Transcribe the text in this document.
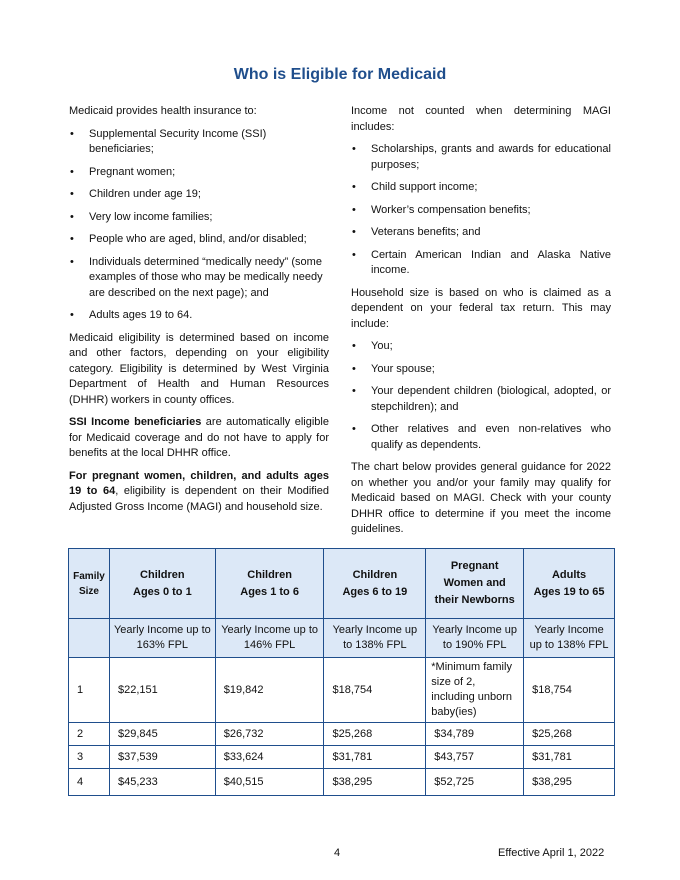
Who is Eligible for Medicaid

Medicaid provides health insurance to:

• Supplemental Security Income (SSI) beneficiaries;
• Pregnant women;
• Children under age 19;
• Very low income families;
• People who are aged, blind, and/or disabled;
• Individuals determined “medically needy” (some examples of those who may be medically needy are described on the next page); and
• Adults ages 19 to 64.

Medicaid eligibility is determined based on income and other factors, depending on your eligibility category. Eligibility is determined by West Virginia Department of Health and Human Resources (DHHR) workers in county offices.

SSI Income beneficiaries are automatically eligible for Medicaid coverage and do not have to apply for benefits at the local DHHR office.

For pregnant women, children, and adults ages 19 to 64, eligibility is dependent on their Modified Adjusted Gross Income (MAGI) and household size.

Income not counted when determining MAGI includes:

• Scholarships, grants and awards for educational purposes;
• Child support income;
• Worker’s compensation benefits;
• Veterans benefits; and
• Certain American Indian and Alaska Native income.

Household size is based on who is claimed as a dependent on your federal tax return. This may include:

• You;
• Your spouse;
• Your dependent children (biological, adopted, or stepchildren); and
• Other relatives and even non-relatives who qualify as dependents.

The chart below provides general guidance for 2022 on whether you and/or your family may qualify for Medicaid based on MAGI. Check with your county DHHR office to determine if you meet the income guidelines.

Family
Size	Children
Ages 0 to 1	Children
Ages 1 to 6	Children
Ages 6 to 19	Pregnant
Women and
their Newborns	Adults
Ages 19 to 65
	Yearly Income up to 163% FPL	Yearly Income up to 146% FPL	Yearly Income up to 138% FPL	Yearly Income up to 190% FPL	Yearly Income up to 138% FPL
1	$22,151	$19,842	$18,754	*Minimum family size of 2, including unborn baby(ies)	$18,754
2	$29,845	$26,732	$25,268	$34,789	$25,268
3	$37,539	$33,624	$31,781	$43,757	$31,781
4	$45,233	$40,515	$38,295	$52,725	$38,295
4	Effective April 1, 2022
